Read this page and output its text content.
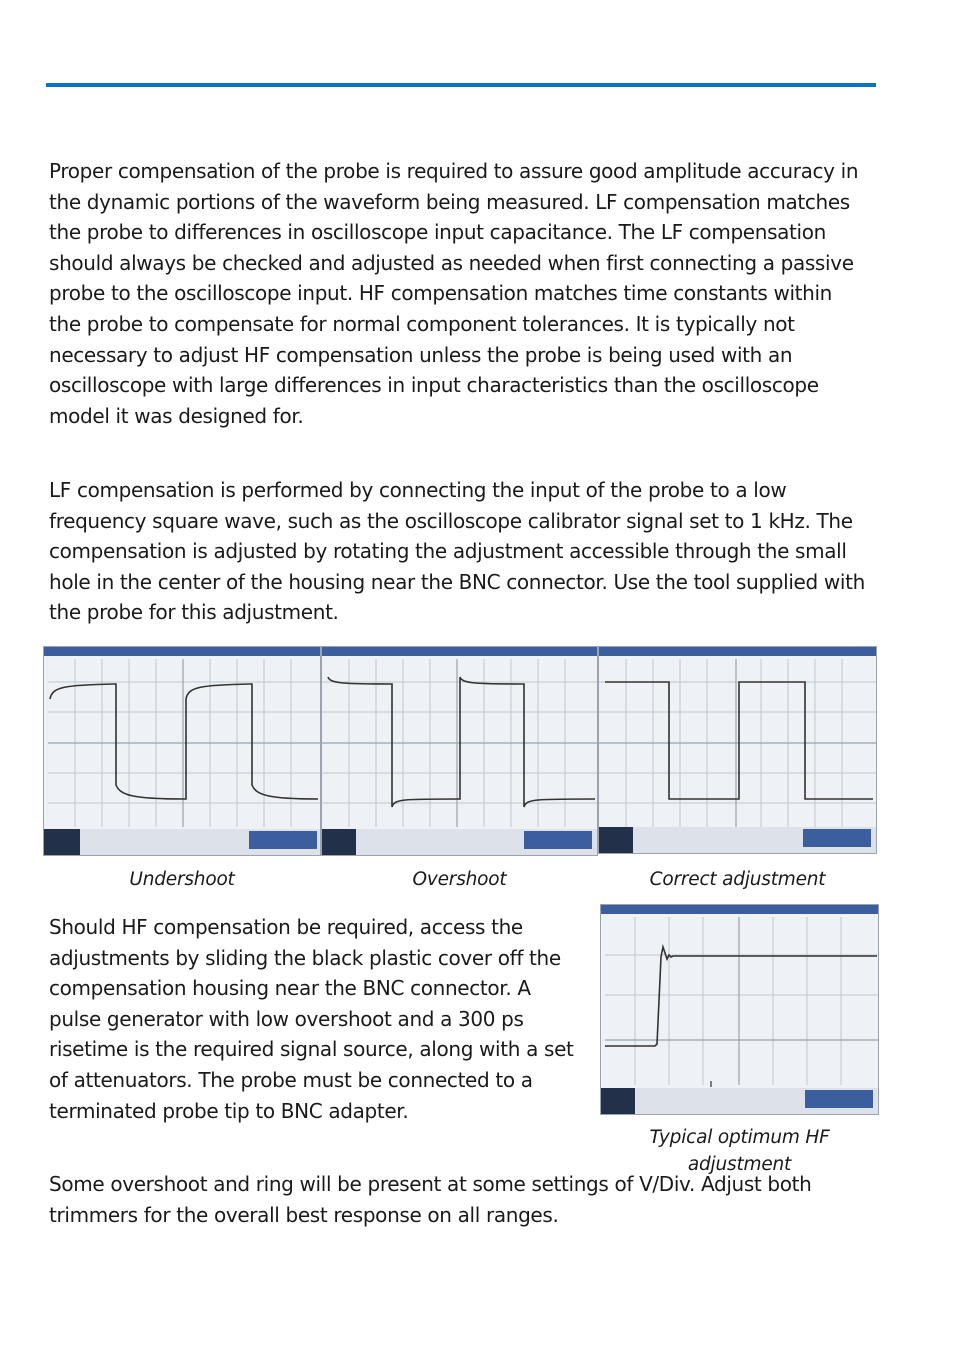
Proper compensation of the probe is required to assure good amplitude accuracy in the dynamic portions of the waveform being measured. LF compensation matches the probe to differences in oscilloscope input capacitance. The LF compensation should always be checked and adjusted as needed when first connecting a passive probe to the oscilloscope input. HF compensation matches time constants within the probe to compensate for normal component tolerances. It is typically not necessary to adjust HF compensation unless the probe is being used with an oscilloscope with large differences in input characteristics than the oscilloscope model it was designed for.

LF compensation is performed by connecting the input of the probe to a low frequency square wave, such as the oscilloscope calibrator signal set to 1 kHz. The compensation is adjusted by rotating the adjustment accessible through the small hole in the center of the housing near the BNC connector. Use the tool supplied with the probe for this adjustment.

Undershoot	Overshoot	Correct adjustment

Should HF compensation be required, access the adjustments by sliding the black plastic cover off the compensation housing near the BNC connector. A pulse generator with low overshoot and a 300 ps risetime is the required signal source, along with a set of attenuators. The probe must be connected to a terminated probe tip to BNC adapter.

Typical optimum HF adjustment

Some overshoot and ring will be present at some settings of V/Div. Adjust both trimmers for the overall best response on all ranges.
